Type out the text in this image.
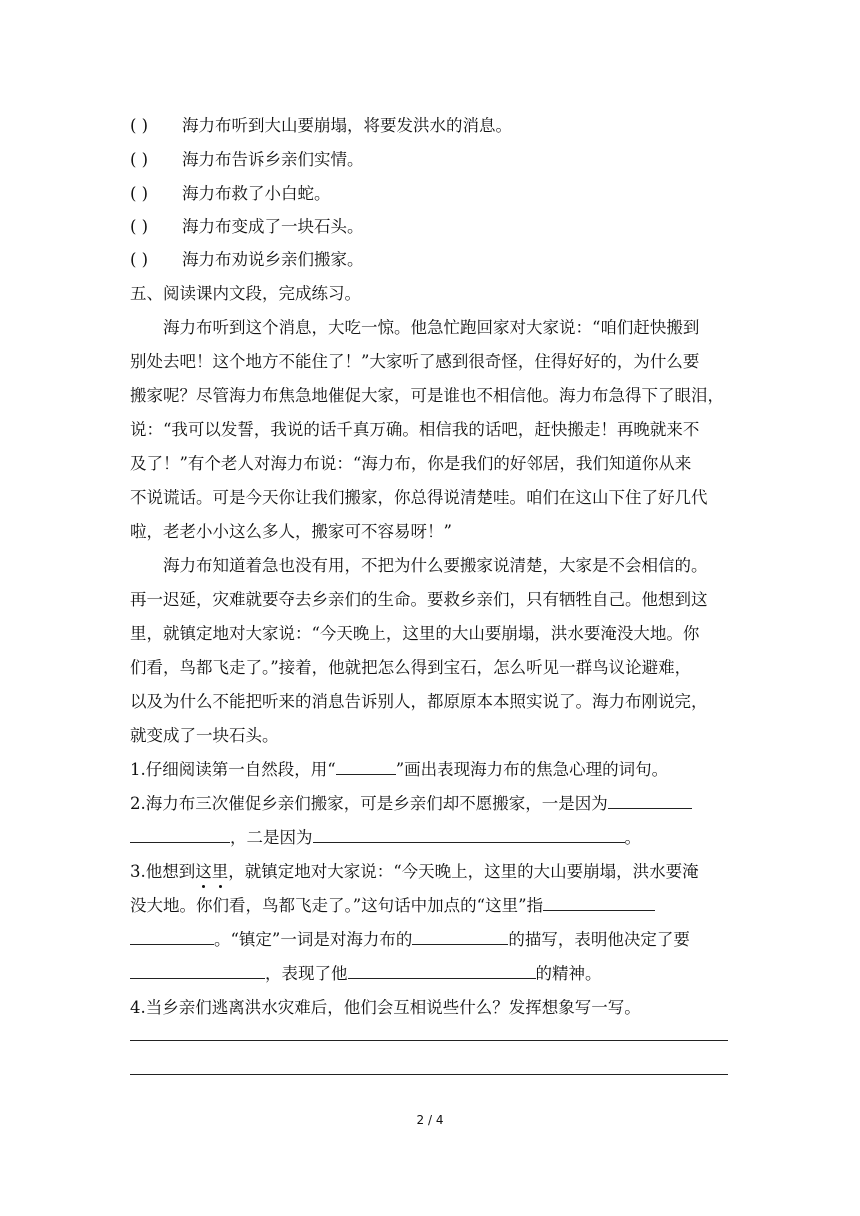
( ) 海力布听到大山要崩塌，将要发洪水的消息。
( ) 海力布告诉乡亲们实情。
( ) 海力布救了小白蛇。
( ) 海力布变成了一块石头。
( ) 海力布劝说乡亲们搬家。
五、阅读课内文段，完成练习。
海力布听到这个消息，大吃一惊。他急忙跑回家对大家说：“咱们赶快搬到
别处去吧！这个地方不能住了！”大家听了感到很奇怪，住得好好的，为什么要
搬家呢？尽管海力布焦急地催促大家，可是谁也不相信他。海力布急得下了眼泪，
说：“我可以发誓，我说的话千真万确。相信我的话吧，赶快搬走！再晚就来不
及了！”有个老人对海力布说：“海力布，你是我们的好邻居，我们知道你从来
不说谎话。可是今天你让我们搬家，你总得说清楚哇。咱们在这山下住了好几代
啦，老老小小这么多人，搬家可不容易呀！”
海力布知道着急也没有用，不把为什么要搬家说清楚，大家是不会相信的。
再一迟延，灾难就要夺去乡亲们的生命。要救乡亲们，只有牺牲自己。他想到这
里，就镇定地对大家说：“今天晚上，这里的大山要崩塌，洪水要淹没大地。你
们看，鸟都飞走了。”接着，他就把怎么得到宝石，怎么听见一群鸟议论避难，
以及为什么不能把听来的消息告诉别人，都原原本本照实说了。海力布刚说完，
就变成了一块石头。
1.仔细阅读第一自然段，用“	”画出表现海力布的焦急心理的词句。
2.海力布三次催促乡亲们搬家，可是乡亲们却不愿搬家，一是因为
，二是因为	。
3.他想到这里，就镇定地对大家说：“今天晚上，这里的大山要崩塌，洪水要淹
没大地。你们看，鸟都飞走了。”这句话中加点的“这里”指
。“镇定”一词是对海力布的	的描写，表明他决定了要
，表现了他	的精神。
4.当乡亲们逃离洪水灾难后，他们会互相说些什么？发挥想象写一写。
2 / 4
